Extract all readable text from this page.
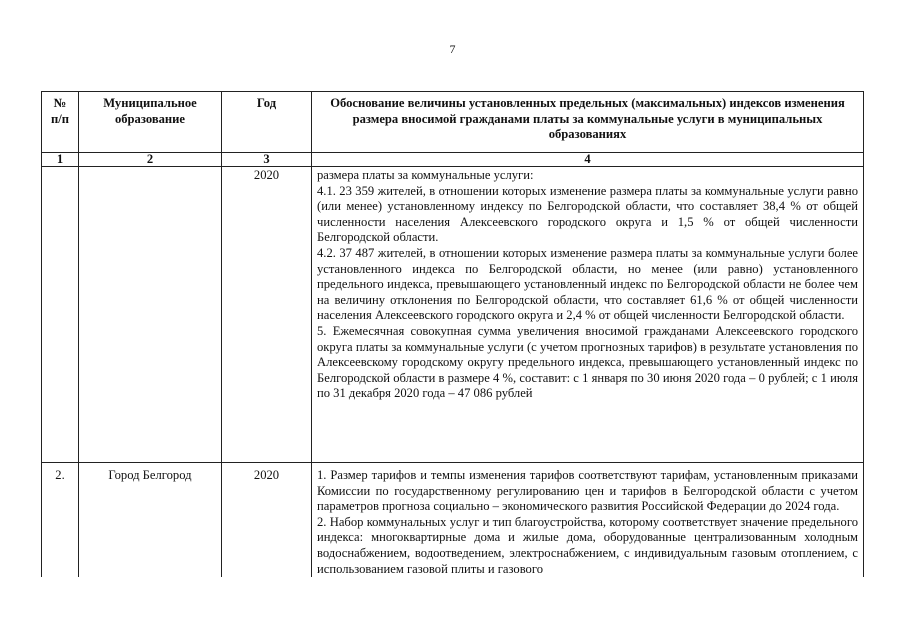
7
№ п/п	Муниципальное образование	Год	Обоснование величины установленных предельных (максимальных) индексов изменения размера вносимой гражданами платы за коммунальные услуги в муниципальных образованиях
1	2	3	4
		2020	размера платы за коммунальные услуги:

4.1. 23 359 жителей, в отношении которых изменение размера платы за коммунальные услуги равно (или менее) установленному индексу по Белгородской области, что составляет 38,4 % от общей численности населения Алексеевского городского округа и 1,5 % от общей численности Белгородской области.

4.2. 37 487 жителей, в отношении которых изменение размера платы за коммунальные услуги более установленного индекса по Белгородской области, но менее (или равно) установленного предельного индекса, превышающего установленный индекс по Белгородской области не более чем на величину отклонения по Белгородской области, что составляет 61,6 % от общей численности населения Алексеевского городского округа и 2,4 % от общей численности Белгородской области.

5. Ежемесячная совокупная сумма увеличения вносимой гражданами Алексеевского городского округа платы за коммунальные услуги (с учетом прогнозных тарифов) в результате установления по Алексеевскому городскому округу предельного индекса, превышающего установленный индекс по Белгородской области в размере 4 %, составит: с 1 января по 30 июня 2020 года – 0 рублей; с 1 июля по 31 декабря 2020 года – 47 086 рублей

2.	Город Белгород	2020	1. Размер тарифов и темпы изменения тарифов соответствуют тарифам, установленным приказами Комиссии по государственному регулированию цен и тарифов в Белгородской области с учетом параметров прогноза социально – экономического развития Российской Федерации до 2024 года.

2. Набор коммунальных услуг и тип благоустройства, которому соответствует значение предельного индекса: многоквартирные дома и жилые дома, оборудованные централизованным холодным водоснабжением, водоотведением, электроснабжением, с индивидуальным газовым отоплением, с использованием газовой плиты и газового
